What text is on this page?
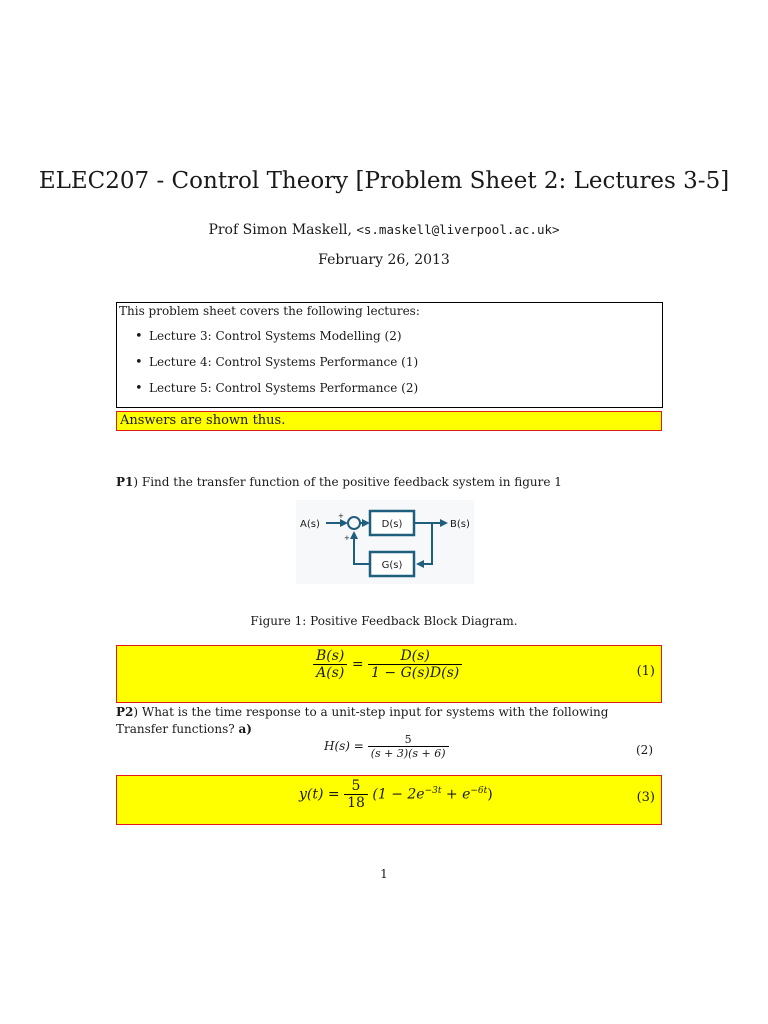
ELEC207 - Control Theory [Problem Sheet 2: Lectures 3-5]
Prof Simon Maskell, <s.maskell@liverpool.ac.uk>
February 26, 2013
This problem sheet covers the following lectures:
• Lecture 3: Control Systems Modelling (2)
• Lecture 4: Control Systems Performance (1)
• Lecture 5: Control Systems Performance (2)
Answers are shown thus.
P1) Find the transfer function of the positive feedback system in figure 1
A(s)
+
+
D(s)	B(s)
G(s)
Figure 1: Positive Feedback Block Diagram.
$\frac{B(s)}{A(s)} = \frac{D(s)}{1 - G(s)D(s)}$	(1)
P2) What is the time response to a unit-step input for systems with the following Transfer functions? a)
$H(s) = \frac{5}{(s + 3)(s + 6)}$	(2)
$y(t) = \frac{5}{18} (1 - 2e^{-3t} + e^{-6t})$	(3)
1
